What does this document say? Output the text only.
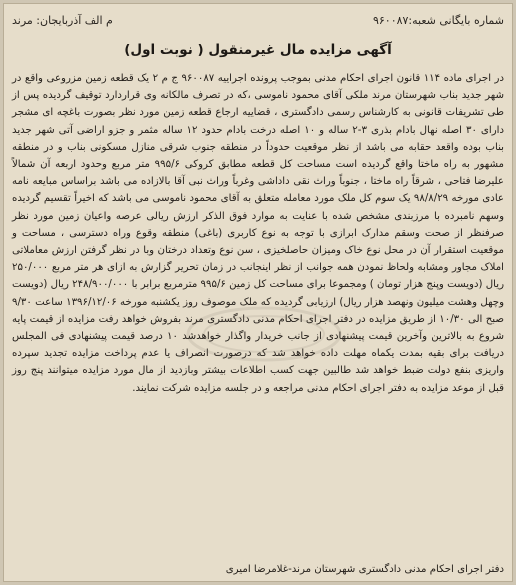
شماره بایگانی شعبه:۹۶۰۰۸۷
م الف آذربایجان: مرند
آگهی مزایده مال غیرمنقول ( نوبت اول)

در اجرای ماده ۱۱۴ قانون اجرای احکام مدنی بموجب پرونده اجراییه ۹۶۰۰۸۷ ج م ۲ یک قطعه زمین مزروعی واقع در شهر جدید بناب شهرستان مرند ملکی آقای محمود ناموسی ،که در تصرف مالکانه وی قراردارد توقیف گردیده پس از طی تشریفات قانونی به کارشناس رسمی دادگستری ، قضاییه ارجاع قطعه زمین مورد نظر بصورت باغچه ای مشجر دارای ۳۰ اصله نهال بادام بذری ۳-۲ ساله و ۱۰ اصله درخت بادام حدود ۱۲ ساله مثمر و جزو اراضی آتی شهر جدید بناب بوده واقعد حقابه می باشد از نظر موقعیت حدوداً در منطقه جنوب شرقی منازل مسکونی بناب و در منطقه مشهور به راه ماختا واقع گردیده است مساحت کل قطعه مطابق کروکی ۹۹۵/۶ متر مربع وحدود اربعه آن شمالاً علیرضا فتاحی ، شرقاً راه ماختا ، جنوباً وراث نقی داداشی وغرباً وراث نبی آقا بالازاده می باشد براساس مبایعه نامه عادی مورخه ۹۸/۸/۲۹ یک سوم کل ملک مورد معامله متعلق به آقای محمود ناموسی می باشد که اخیراً تقسیم گردیده وسهم نامبرده با مرزبندی مشخص شده با عنایت به موارد فوق الذکر ارزش ریالی عرصه واعیان زمین مورد نظر صرفنظر از صحت وسقم مدارک ابرازی با توجه به نوع کاربری (باغی) منطقه وقوع وراه دسترسی ، مساحت و موقعیت استقرار آن در محل نوع خاک ومیزان حاصلخیزی ، سن نوع وتعداد درختان وبا در نظر گرفتن ارزش معاملاتی املاک مجاور ومشابه ولحاظ نمودن همه جوانب از نظر اینجانب در زمان تحریر گزارش به ازای هر متر مربع ۲۵۰/۰۰۰ ریال (دویست وپنج هزار تومان ) ومجموعا برای مساحت کل زمین ۹۹۵/۶ مترمربع برابر با ۲۴۸/۹۰۰/۰۰۰ ریال (دویست وچهل وهشت میلیون ونهصد هزار ریال) ارزیابی گردیده که ملک موصوف روز یکشنبه مورخه ۱۳۹۶/۱۲/۰۶ ساعت ۹/۳۰ صبح الی ۱۰/۳۰ از طریق مزایده در دفتر اجرای احکام مدنی دادگستری مرند بفروش خواهد رفت مزایده از قیمت پایه شروع به بالاترین وآخرین قیمت پیشنهادی از جانب خریدار واگذار خواهدشد ۱۰ درصد قیمت پیشنهادی فی المجلس دریافت برای بقیه بمدت یکماه مهلت داده خواهد شد که درصورت انصراف یا عدم پرداخت مزایده تجدید سپرده واریزی بنفع دولت ضبط خواهد شد طالبین جهت کسب اطلاعات بیشتر وبازدید از مال مورد مزایده میتوانند پنج روز قبل از موعد مزایده به دفتر اجرای احکام مدنی مراجعه و در جلسه مزایده شرکت نمایند.

دفتر اجرای احکام مدنی دادگستری شهرستان مرند-غلامرضا امیری
